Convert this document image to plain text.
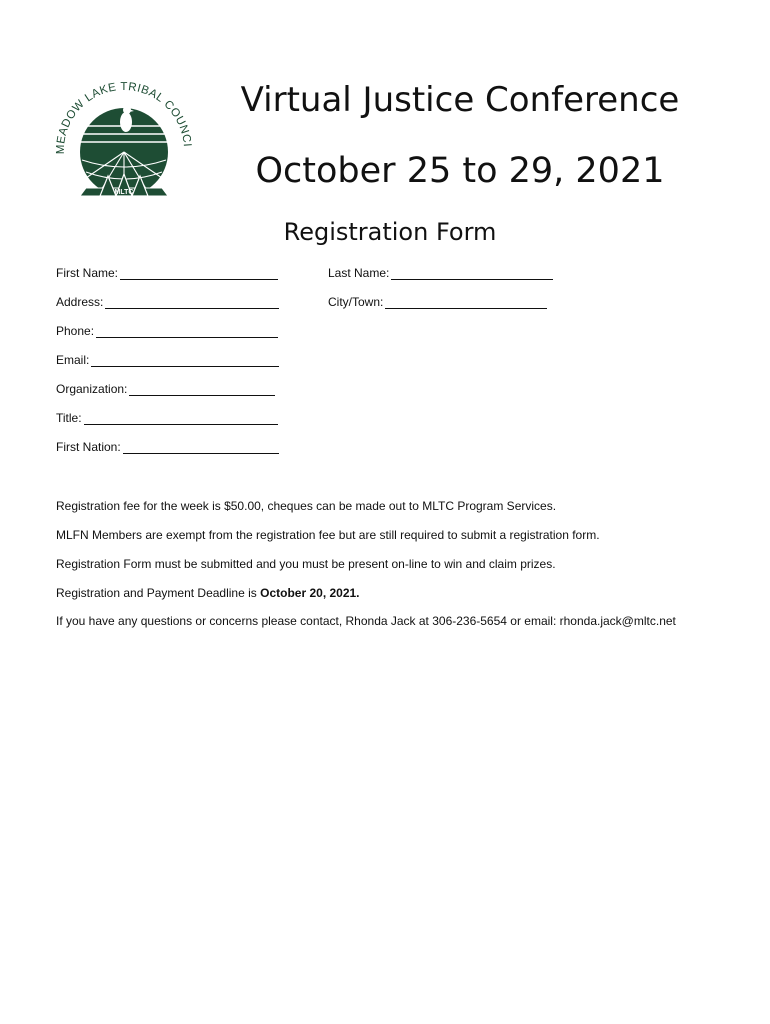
MEADOW LAKE TRIBAL COUNCI
MLTC
Virtual Justice Conference
October 25 to 29, 2021
Registration Form
First Name:	Last Name:
Address:	City/Town:
Phone:
Email:
Organization:
Title:
First Nation:
Registration fee for the week is $50.00, cheques can be made out to MLTC Program Services.
MLFN Members are exempt from the registration fee but are still required to submit a registration form.
Registration Form must be submitted and you must be present on-line to win and claim prizes.
Registration and Payment Deadline is October 20, 2021.
If you have any questions or concerns please contact, Rhonda Jack at 306-236-5654 or email: rhonda.jack@mltc.net
